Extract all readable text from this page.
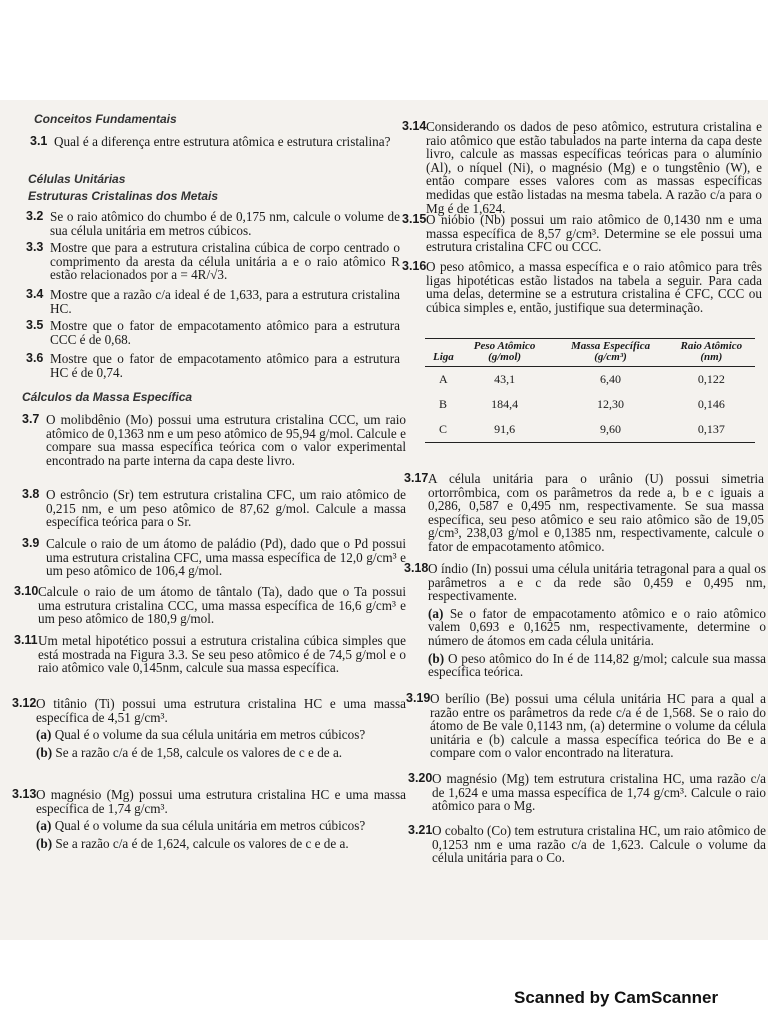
Conceitos Fundamentais
3.1 Qual é a diferença entre estrutura atômica e estrutura cristalina?

Células Unitárias
Estruturas Cristalinas dos Metais
3.2 Se o raio atômico do chumbo é de 0,175 nm, calcule o volume de sua célula unitária em metros cúbicos.

3.3 Mostre que para a estrutura cristalina cúbica de corpo centrado o comprimento da aresta da célula unitária a e o raio atômico R estão relacionados por a = 4R/√3.

3.4 Mostre que a razão c/a ideal é de 1,633, para a estrutura cristalina HC.

3.5 Mostre que o fator de empacotamento atômico para a estrutura CCC é de 0,68.

3.6 Mostre que o fator de empacotamento atômico para a estrutura HC é de 0,74.

Cálculos da Massa Específica
3.7 O molibdênio (Mo) possui uma estrutura cristalina CCC, um raio atômico de 0,1363 nm e um peso atômico de 95,94 g/mol. Calcule e compare sua massa específica teórica com o valor experimental encontrado na parte interna da capa deste livro.

3.8 O estrôncio (Sr) tem estrutura cristalina CFC, um raio atômico de 0,215 nm, e um peso atômico de 87,62 g/mol. Calcule a massa específica teórica para o Sr.

3.9 Calcule o raio de um átomo de paládio (Pd), dado que o Pd possui uma estrutura cristalina CFC, uma massa específica de 12,0 g/cm³ e um peso atômico de 106,4 g/mol.

3.10 Calcule o raio de um átomo de tântalo (Ta), dado que o Ta possui uma estrutura cristalina CCC, uma massa específica de 16,6 g/cm³ e um peso atômico de 180,9 g/mol.

3.11 Um metal hipotético possui a estrutura cristalina cúbica simples que está mostrada na Figura 3.3. Se seu peso atômico é de 74,5 g/mol e o raio atômico vale 0,145nm, calcule sua massa específica.

3.12 O titânio (Ti) possui uma estrutura cristalina HC e uma massa específica de 4,51 g/cm³.

(a) Qual é o volume da sua célula unitária em metros cúbicos?

(b) Se a razão c/a é de 1,58, calcule os valores de c e de a.

3.13 O magnésio (Mg) possui uma estrutura cristalina HC e uma massa específica de 1,74 g/cm³.

(a) Qual é o volume da sua célula unitária em metros cúbicos?

(b) Se a razão c/a é de 1,624, calcule os valores de c e de a.

3.14 Considerando os dados de peso atômico, estrutura cristalina e raio atômico que estão tabulados na parte interna da capa deste livro, calcule as massas específicas teóricas para o alumínio (Al), o níquel (Ni), o magnésio (Mg) e o tungstênio (W), e então compare esses valores com as massas específicas medidas que estão listadas na mesma tabela. A razão c/a para o Mg é de 1,624.

3.15 O nióbio (Nb) possui um raio atômico de 0,1430 nm e uma massa específica de 8,57 g/cm³. Determine se ele possui uma estrutura cristalina CFC ou CCC.

3.16 O peso atômico, a massa específica e o raio atômico para três ligas hipotéticas estão listados na tabela a seguir. Para cada uma delas, determine se a estrutura cristalina é CFC, CCC ou cúbica simples e, então, justifique sua determinação.

3.17 A célula unitária para o urânio (U) possui simetria ortorrômbica, com os parâmetros da rede a, b e c iguais a 0,286, 0,587 e 0,495 nm, respectivamente. Se sua massa específica, seu peso atômico e seu raio atômico são de 19,05 g/cm³, 238,03 g/mol e 0,1385 nm, respectivamente, calcule o fator de empacotamento atômico.

3.18 O índio (In) possui uma célula unitária tetragonal para a qual os parâmetros a e c da rede são 0,459 e 0,495 nm, respectivamente.

(a) Se o fator de empacotamento atômico e o raio atômico valem 0,693 e 0,1625 nm, respectivamente, determine o número de átomos em cada célula unitária.

(b) O peso atômico do In é de 114,82 g/mol; calcule sua massa específica teórica.

3.19 O berílio (Be) possui uma célula unitária HC para a qual a razão entre os parâmetros da rede c/a é de 1,568. Se o raio do átomo de Be vale 0,1143 nm, (a) determine o volume da célula unitária e (b) calcule a massa específica teórica do Be e a compare com o valor encontrado na literatura.

3.20 O magnésio (Mg) tem estrutura cristalina HC, uma razão c/a de 1,624 e uma massa específica de 1,74 g/cm³. Calcule o raio atômico para o Mg.

3.21 O cobalto (Co) tem estrutura cristalina HC, um raio atômico de 0,1253 nm e uma razão c/a de 1,623. Calcule o volume da célula unitária para o Co.

Liga	Peso Atômico (g/mol)	Massa Específica (g/cm³)	Raio Atômico (nm)
A	43,1	6,40	0,122
B	184,4	12,30	0,146
C	91,6	9,60	0,137
Scanned by CamScanner
